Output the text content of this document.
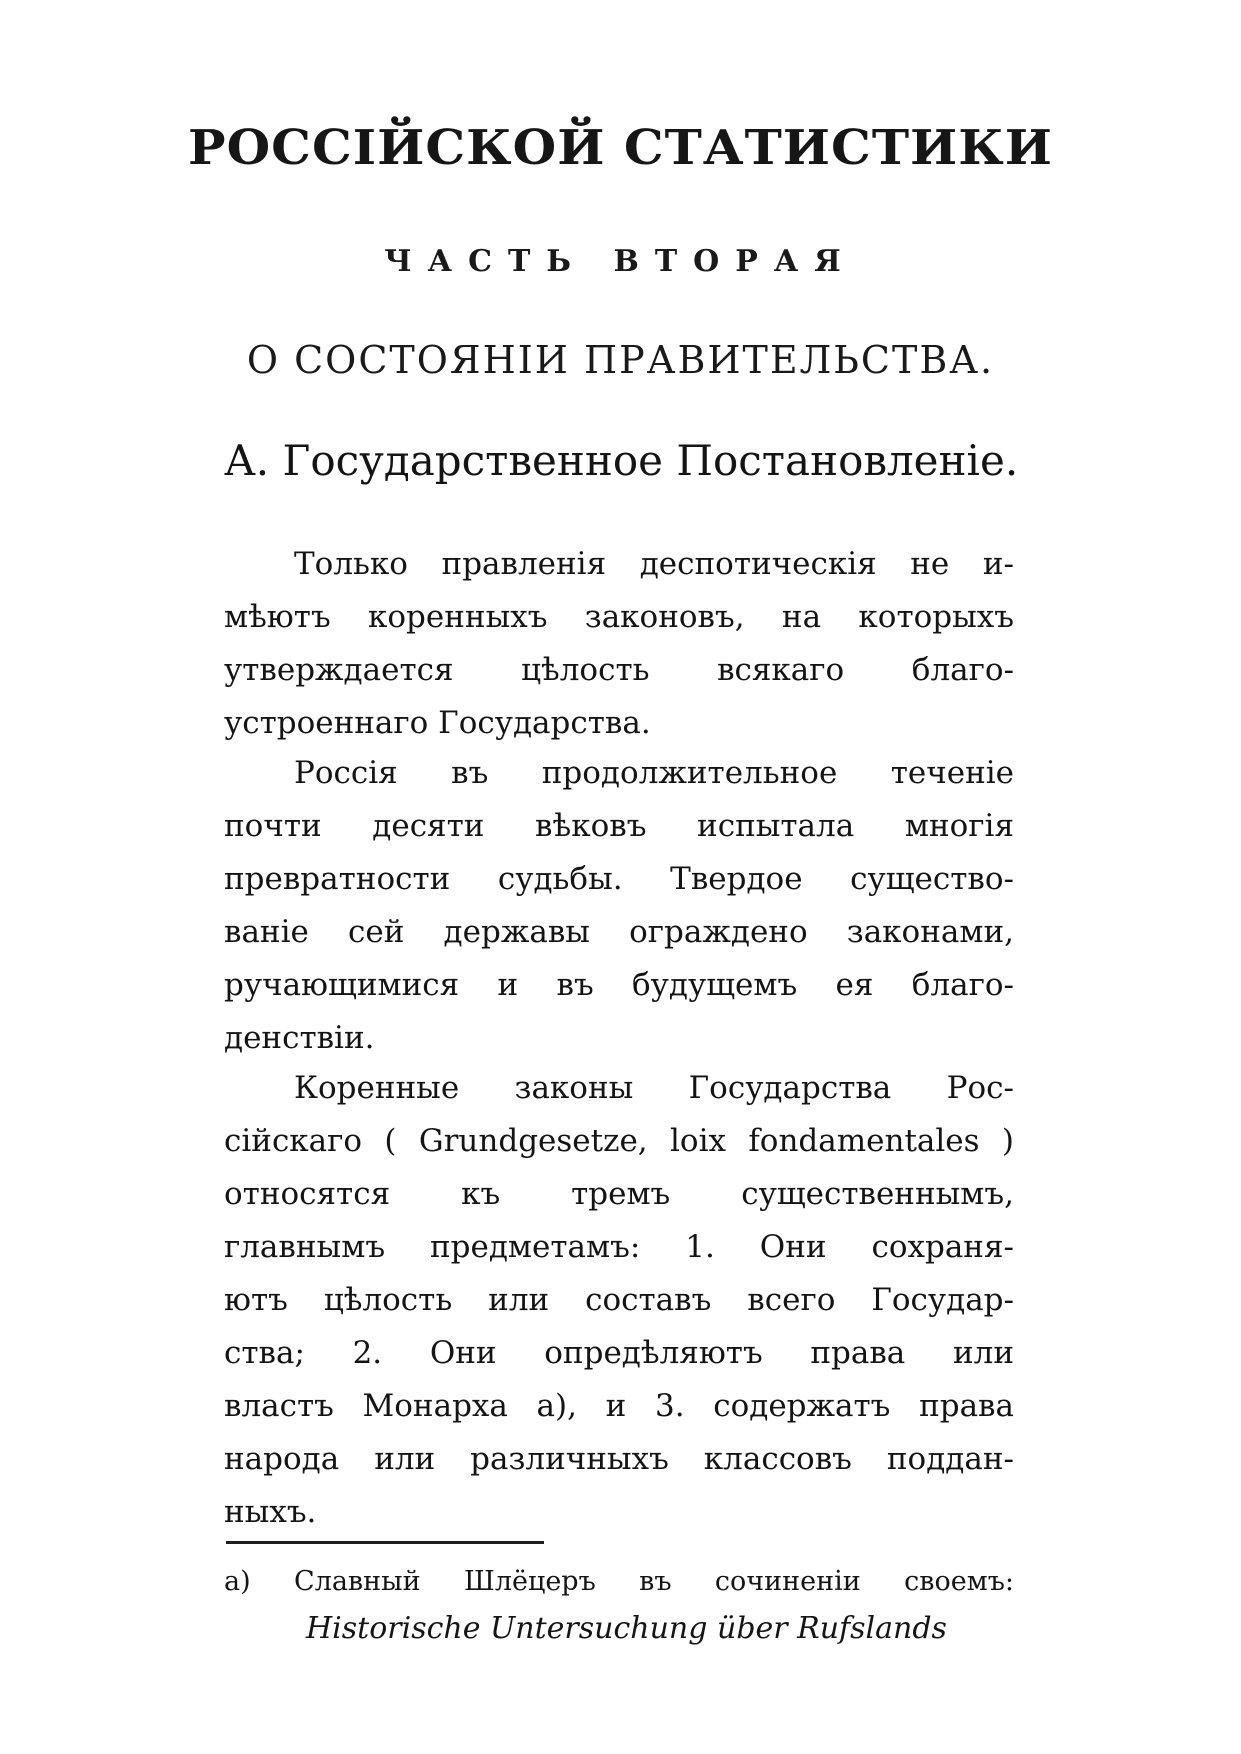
РОССІЙСКОЙ СТАТИСТИКИ
ЧАСТЬ ВТОРАЯ
О СОСТОЯНІИ ПРАВИТЕЛЬСТВА.
А. Государственное Постановленіе.
Только правленія деспотическія не и-
мѣютъ коренныхъ законовъ, на которыхъ
утверждается цѣлость всякаго благо-
устроеннаго Государства.
Россія въ продолжительное теченіе
почти десяти вѣковъ испытала многія
превратности судьбы. Твердое существо-
ваніе сей державы ограждено законами,
ручающимися и въ будущемъ ея благо-
денствіи.
Коренные законы Государства Рос-
сійскаго ( Grundgesetze, loix fondamentales )
относятся къ тремъ существеннымъ,
главнымъ предметамъ: 1. Они сохраня-
ютъ цѣлость или составъ всего Государ-
ства; 2. Они опредѣляютъ права или
властъ Монарха а), и 3. содержатъ права
народа или различныхъ классовъ поддан-
ныхъ.
а) Славный Шлёцеръ въ сочиненіи своемъ:
Historische Untersuchung über Rufslands
